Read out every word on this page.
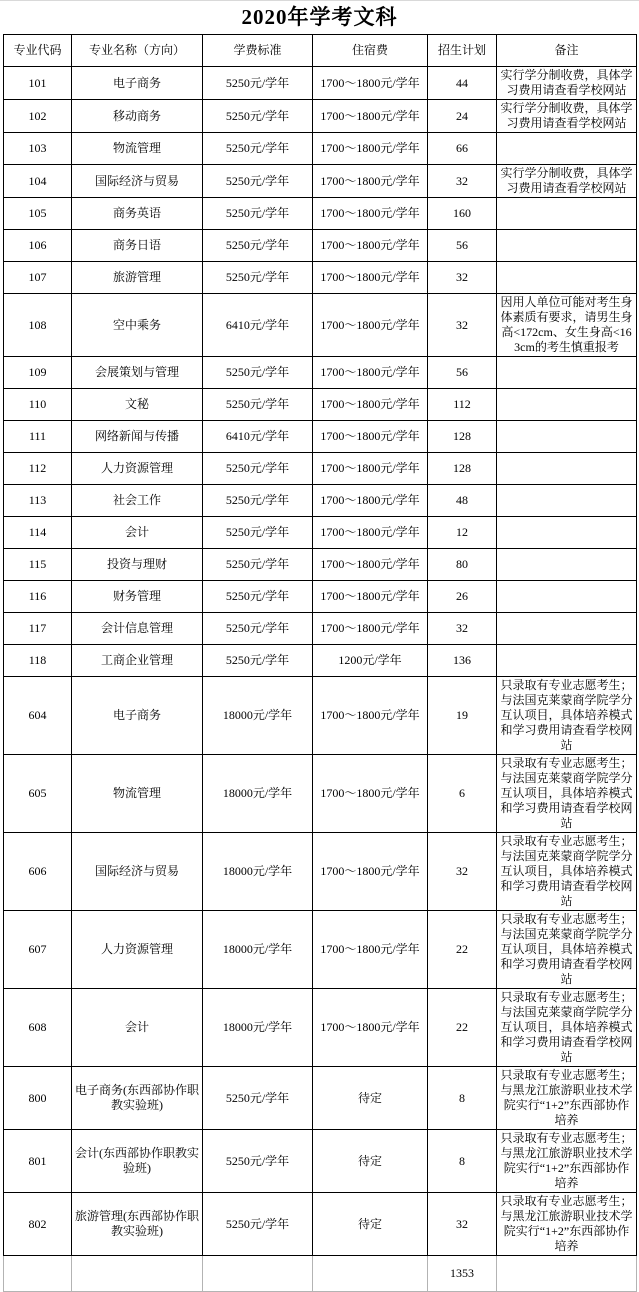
2020年学考文科
专业代码	专业名称（方向）	学费标准	住宿费	招生计划	备注
101	电子商务	5250元/学年	1700～1800元/学年	44	实行学分制收费，具体学习费用请查看学校网站
102	移动商务	5250元/学年	1700～1800元/学年	24	实行学分制收费，具体学习费用请查看学校网站
103	物流管理	5250元/学年	1700～1800元/学年	66	
104	国际经济与贸易	5250元/学年	1700～1800元/学年	32	实行学分制收费，具体学习费用请查看学校网站
105	商务英语	5250元/学年	1700～1800元/学年	160	
106	商务日语	5250元/学年	1700～1800元/学年	56	
107	旅游管理	5250元/学年	1700～1800元/学年	32	
108	空中乘务	6410元/学年	1700～1800元/学年	32	因用人单位可能对考生身体素质有要求，请男生身高<172cm、女生身高<163cm的考生慎重报考
109	会展策划与管理	5250元/学年	1700～1800元/学年	56	
110	文秘	5250元/学年	1700～1800元/学年	112	
111	网络新闻与传播	6410元/学年	1700～1800元/学年	128	
112	人力资源管理	5250元/学年	1700～1800元/学年	128	
113	社会工作	5250元/学年	1700～1800元/学年	48	
114	会计	5250元/学年	1700～1800元/学年	12	
115	投资与理财	5250元/学年	1700～1800元/学年	80	
116	财务管理	5250元/学年	1700～1800元/学年	26	
117	会计信息管理	5250元/学年	1700～1800元/学年	32	
118	工商企业管理	5250元/学年	1200元/学年	136	
604	电子商务	18000元/学年	1700～1800元/学年	19	只录取有专业志愿考生；与法国克莱蒙商学院学分互认项目，具体培养模式和学习费用请查看学校网站
605	物流管理	18000元/学年	1700～1800元/学年	6	只录取有专业志愿考生；与法国克莱蒙商学院学分互认项目，具体培养模式和学习费用请查看学校网站
606	国际经济与贸易	18000元/学年	1700～1800元/学年	32	只录取有专业志愿考生；与法国克莱蒙商学院学分互认项目，具体培养模式和学习费用请查看学校网站
607	人力资源管理	18000元/学年	1700～1800元/学年	22	只录取有专业志愿考生；与法国克莱蒙商学院学分互认项目，具体培养模式和学习费用请查看学校网站
608	会计	18000元/学年	1700～1800元/学年	22	只录取有专业志愿考生；与法国克莱蒙商学院学分互认项目，具体培养模式和学习费用请查看学校网站
800	电子商务(东西部协作职教实验班)	5250元/学年	待定	8	只录取有专业志愿考生；与黑龙江旅游职业技术学院实行“1+2”东西部协作培养
801	会计(东西部协作职教实验班)	5250元/学年	待定	8	只录取有专业志愿考生；与黑龙江旅游职业技术学院实行“1+2”东西部协作培养
802	旅游管理(东西部协作职教实验班)	5250元/学年	待定	32	只录取有专业志愿考生；与黑龙江旅游职业技术学院实行“1+2”东西部协作培养
				1353	
